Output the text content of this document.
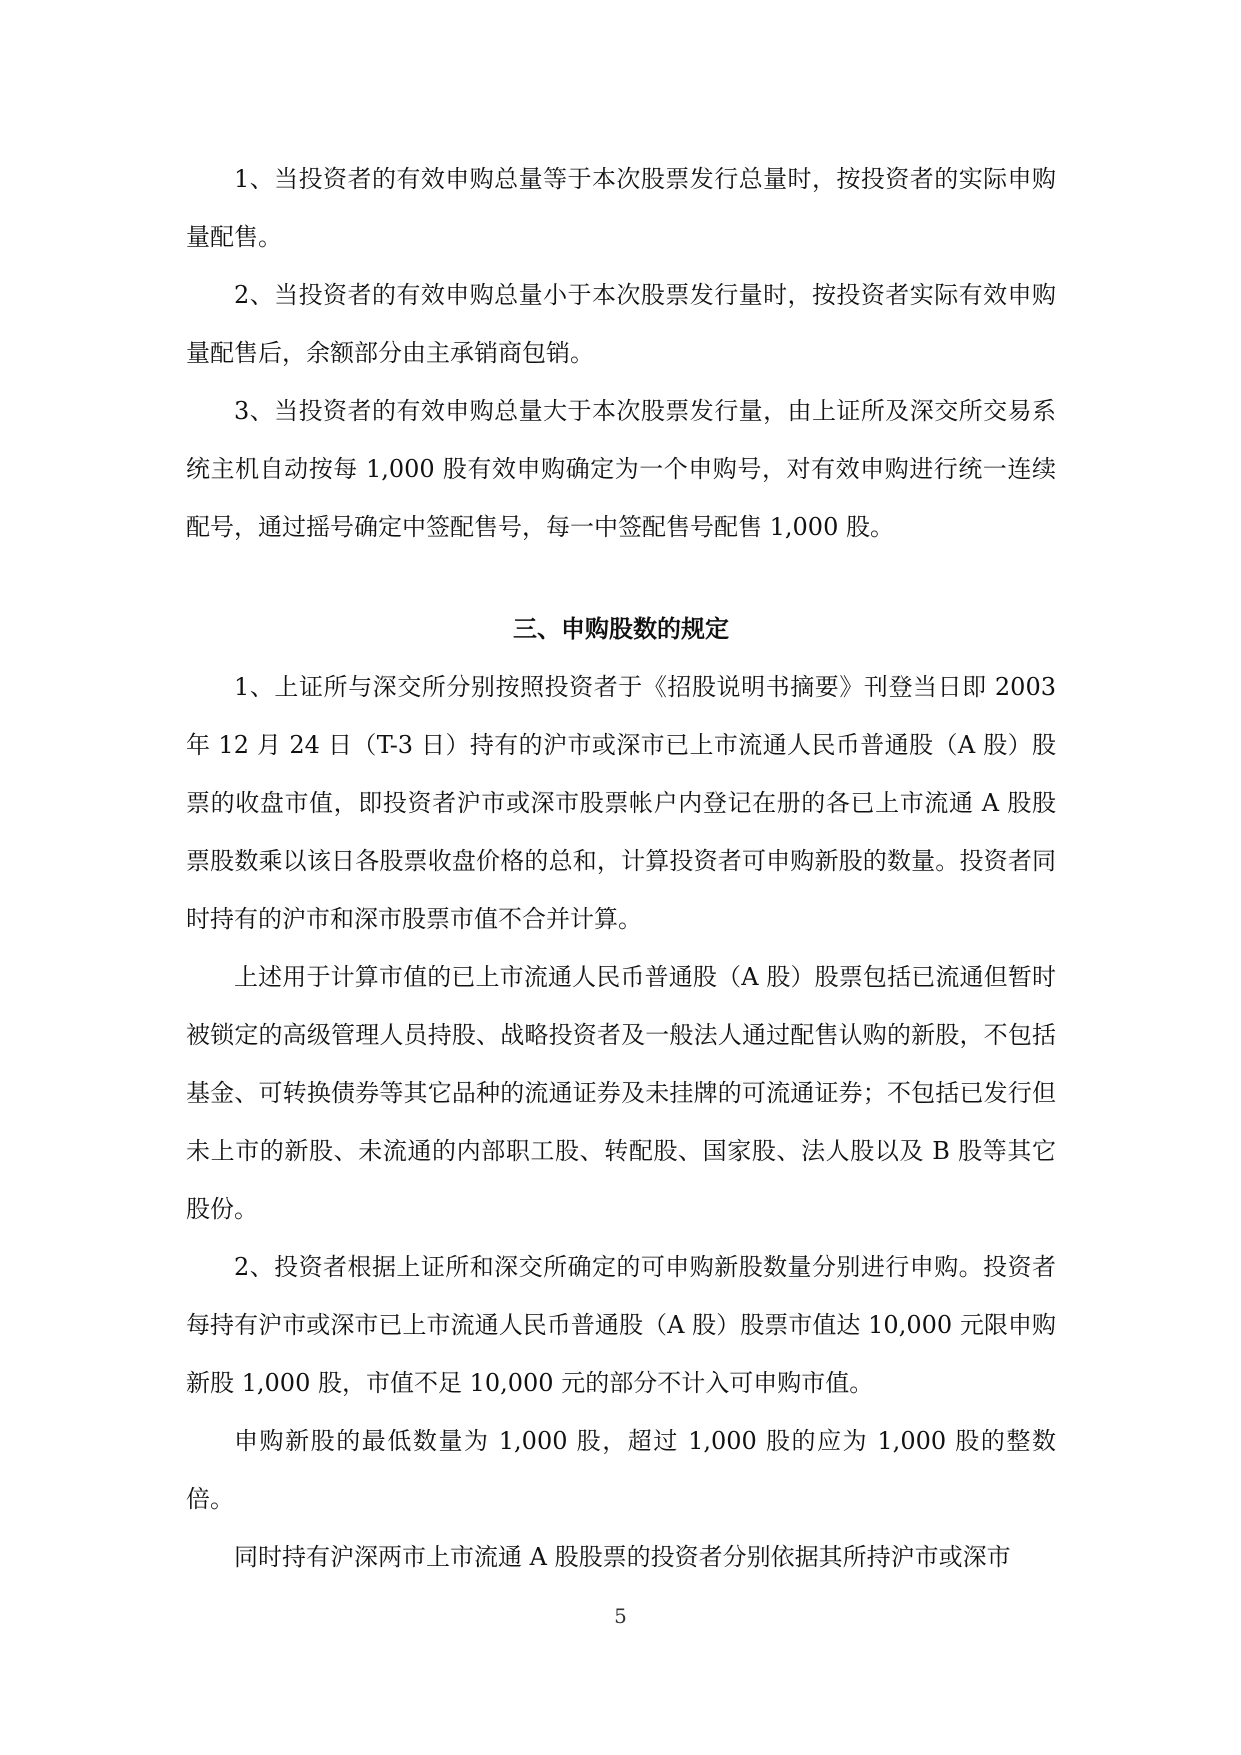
1、当投资者的有效申购总量等于本次股票发行总量时，按投资者的实际申购量配售。

2、当投资者的有效申购总量小于本次股票发行量时，按投资者实际有效申购量配售后，余额部分由主承销商包销。

3、当投资者的有效申购总量大于本次股票发行量，由上证所及深交所交易系统主机自动按每 1,000 股有效申购确定为一个申购号，对有效申购进行统一连续配号，通过摇号确定中签配售号，每一中签配售号配售 1,000 股。

三、申购股数的规定

1、上证所与深交所分别按照投资者于《招股说明书摘要》刊登当日即 2003 年 12 月 24 日（T-3 日）持有的沪市或深市已上市流通人民币普通股（A 股）股票的收盘市值，即投资者沪市或深市股票帐户内登记在册的各已上市流通 A 股股票股数乘以该日各股票收盘价格的总和，计算投资者可申购新股的数量。投资者同时持有的沪市和深市股票市值不合并计算。

上述用于计算市值的已上市流通人民币普通股（A 股）股票包括已流通但暂时被锁定的高级管理人员持股、战略投资者及一般法人通过配售认购的新股，不包括基金、可转换债券等其它品种的流通证券及未挂牌的可流通证券；不包括已发行但未上市的新股、未流通的内部职工股、转配股、国家股、法人股以及 B 股等其它股份。

2、投资者根据上证所和深交所确定的可申购新股数量分别进行申购。投资者每持有沪市或深市已上市流通人民币普通股（A 股）股票市值达 10,000 元限申购新股 1,000 股，市值不足 10,000 元的部分不计入可申购市值。

申购新股的最低数量为 1,000 股，超过 1,000 股的应为 1,000 股的整数倍。

同时持有沪深两市上市流通 A 股股票的投资者分别依据其所持沪市或深市

5
